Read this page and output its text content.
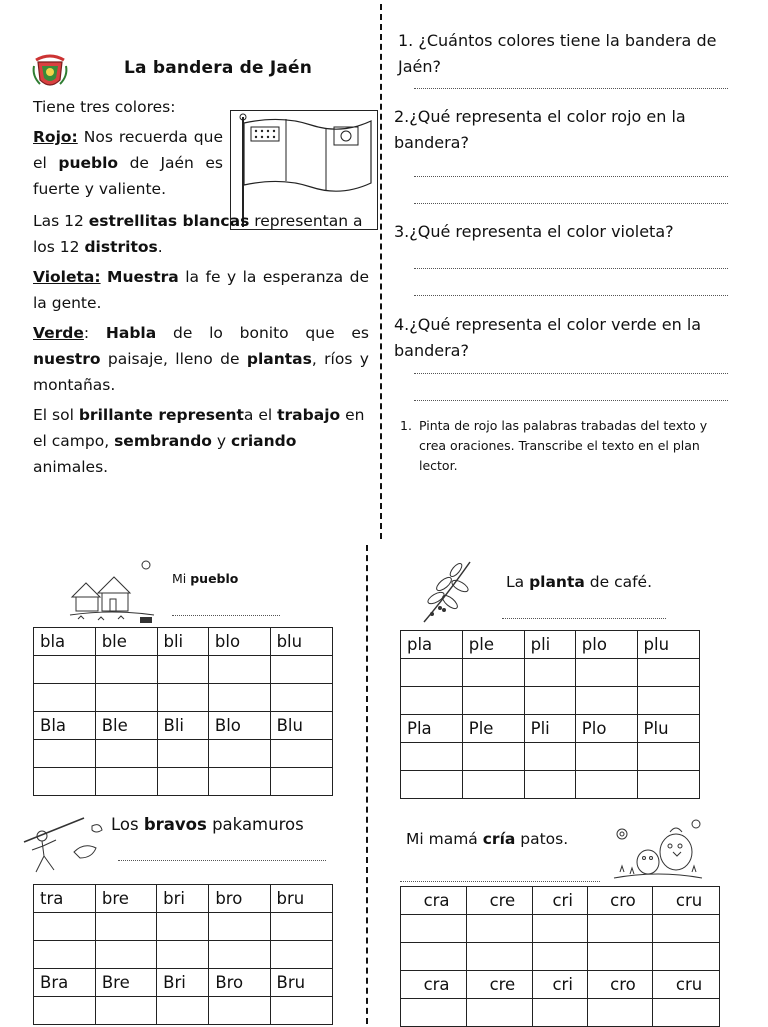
La bandera de Jaén
Tiene tres colores:
Rojo: Nos recuerda que el pueblo de Jaén es fuerte y valiente.
Las 12 estrellitas blancas representan a los 12 distritos.
Violeta: Muestra la fe y la esperanza de la gente.
Verde: Habla de lo bonito que es nuestro paisaje, lleno de plantas, ríos y montañas.
El sol brillante representa el trabajo en el campo, sembrando y criando animales.
1. ¿Cuántos colores tiene la bandera de Jaén?
2.¿Qué representa el color rojo en la bandera?
3.¿Qué representa el color violeta?
4.¿Qué representa el color verde en la bandera?
1. Pinta de rojo las palabras trabadas del texto y crea oraciones. Transcribe el texto en el plan lector.
Mi pueblo
bla	ble	bli	blo	blu

Bla	Ble	Bli	Blo	Blu

La planta de café.
pla	ple	pli	plo	plu

Pla	Ple	Pli	Plo	Plu

Los bravos pakamuros
tra	bre	bri	bro	bru

Bra	Bre	Bri	Bro	Bru

Mi mamá cría patos.
cra	cre	cri	cro	cru

cra	cre	cri	cro	cru
